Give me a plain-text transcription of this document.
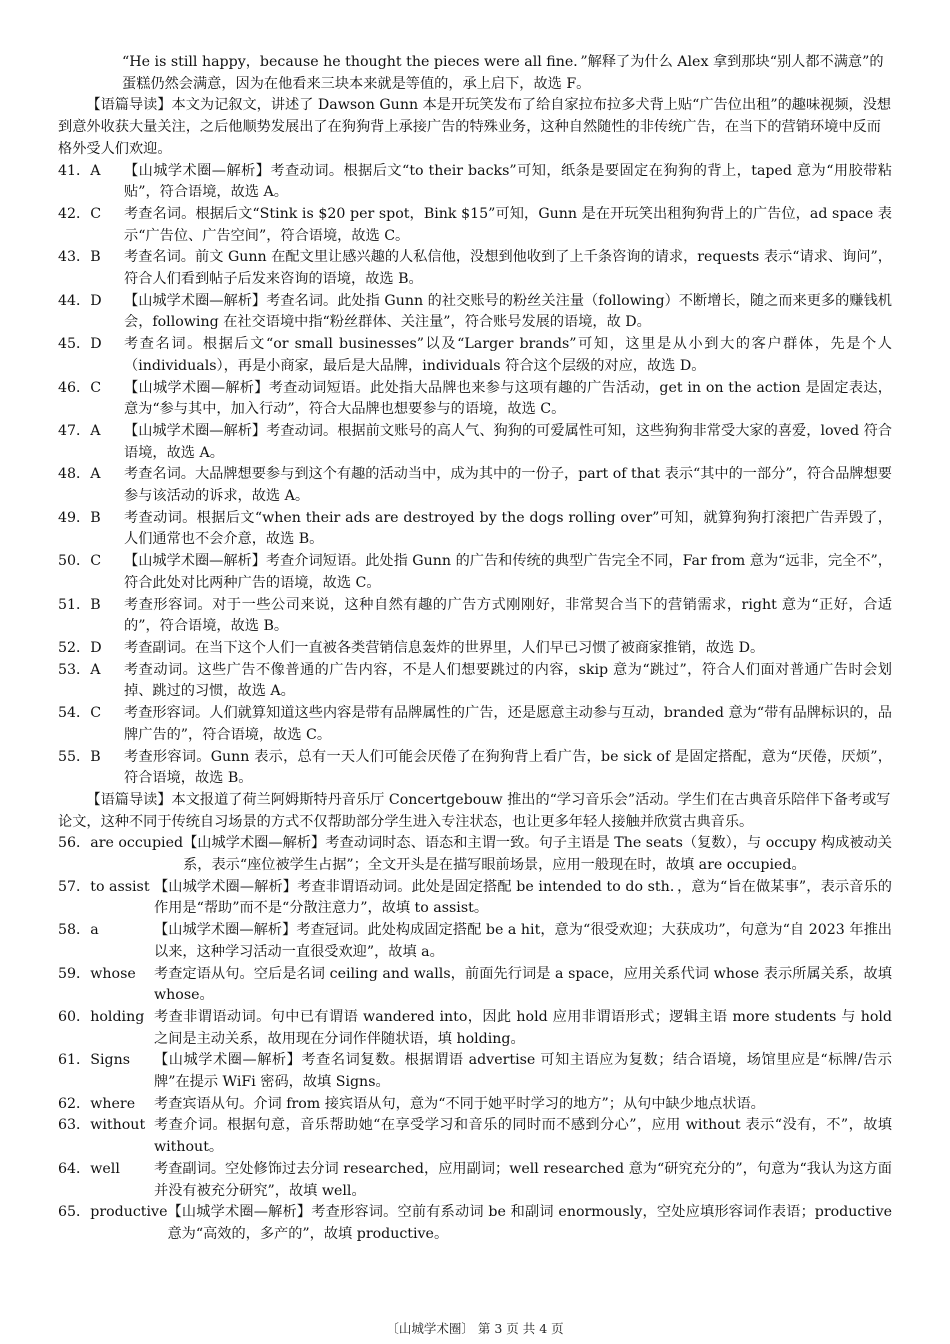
“He is still happy，because he thought the pieces were all fine．”解释了为什么 Alex 拿到那块“别人都不满意”的蛋糕仍然会满意，因为在他看来三块本来就是等值的，承上启下，故选 F。

【语篇导读】本文为记叙文，讲述了 Dawson Gunn 本是开玩笑发布了给自家拉布拉多犬背上贴“广告位出租”的趣味视频，没想到意外收获大量关注，之后他顺势发展出了在狗狗背上承接广告的特殊业务，这种自然随性的非传统广告，在当下的营销环境中反而格外受人们欢迎。

41．A	【山城学术圈—解析】考查动词。根据后文“to their backs”可知，纸条是要固定在狗狗的背上，taped 意为“用胶带粘贴”，符合语境，故选 A。
42．C	考查名词。根据后文“Stink is $20 per spot，Bink $15”可知，Gunn 是在开玩笑出租狗狗背上的广告位，ad space 表示“广告位、广告空间”，符合语境，故选 C。
43．B	考查名词。前文 Gunn 在配文里让感兴趣的人私信他，没想到他收到了上千条咨询的请求，requests 表示“请求、询问”，符合人们看到帖子后发来咨询的语境，故选 B。
44．D	【山城学术圈—解析】考查名词。此处指 Gunn 的社交账号的粉丝关注量（following）不断增长，随之而来更多的赚钱机会，following 在社交语境中指“粉丝群体、关注量”，符合账号发展的语境，故 D。
45．D	考查名词。根据后文“or small businesses”以及“Larger brands”可知，这里是从小到大的客户群体，先是个人（individuals），再是小商家，最后是大品牌，individuals 符合这个层级的对应，故选 D。
46．C	【山城学术圈—解析】考查动词短语。此处指大品牌也来参与这项有趣的广告活动，get in on the action 是固定表达，意为“参与其中，加入行动”，符合大品牌也想要参与的语境，故选 C。
47．A	【山城学术圈—解析】考查动词。根据前文账号的高人气、狗狗的可爱属性可知，这些狗狗非常受大家的喜爱，loved 符合语境，故选 A。
48．A	考查名词。大品牌想要参与到这个有趣的活动当中，成为其中的一份子，part of that 表示“其中的一部分”，符合品牌想要参与该活动的诉求，故选 A。
49．B	考查动词。根据后文“when their ads are destroyed by the dogs rolling over”可知，就算狗狗打滚把广告弄毁了，人们通常也不会介意，故选 B。
50．C	【山城学术圈—解析】考查介词短语。此处指 Gunn 的广告和传统的典型广告完全不同，Far from 意为“远非，完全不”，符合此处对比两种广告的语境，故选 C。
51．B	考查形容词。对于一些公司来说，这种自然有趣的广告方式刚刚好，非常契合当下的营销需求，right 意为“正好，合适的”，符合语境，故选 B。
52．D	考查副词。在当下这个人们一直被各类营销信息轰炸的世界里，人们早已习惯了被商家推销，故选 D。
53．A	考查动词。这些广告不像普通的广告内容，不是人们想要跳过的内容，skip 意为“跳过”，符合人们面对普通广告时会划掉、跳过的习惯，故选 A。
54．C	考查形容词。人们就算知道这些内容是带有品牌属性的广告，还是愿意主动参与互动，branded 意为“带有品牌标识的，品牌广告的”，符合语境，故选 C。
55．B	考查形容词。Gunn 表示，总有一天人们可能会厌倦了在狗狗背上看广告，be sick of 是固定搭配，意为“厌倦，厌烦”，符合语境，故选 B。

【语篇导读】本文报道了荷兰阿姆斯特丹音乐厅 Concertgebouw 推出的“学习音乐会”活动。学生们在古典音乐陪伴下备考或写论文，这种不同于传统自习场景的方式不仅帮助部分学生进入专注状态，也让更多年轻人接触并欣赏古典音乐。

56．are occupied 【山城学术圈—解析】考查动词时态、语态和主谓一致。句子主语是 The seats（复数），与 occupy 构成被动关系，表示“座位被学生占据”；全文开头是在描写眼前场景，应用一般现在时，故填 are occupied。
57．to assist 【山城学术圈—解析】考查非谓语动词。此处是固定搭配 be intended to do sth．，意为“旨在做某事”，表示音乐的作用是“帮助”而不是“分散注意力”，故填 to assist。
58．a	【山城学术圈—解析】考查冠词。此处构成固定搭配 be a hit，意为“很受欢迎；大获成功”，句意为“自 2023 年推出以来，这种学习活动一直很受欢迎”，故填 a。
59．whose	考查定语从句。空后是名词 ceiling and walls，前面先行词是 a space，应用关系代词 whose 表示所属关系，故填 whose。
60．holding 考查非谓语动词。句中已有谓语 wandered into，因此 hold 应用非谓语形式；逻辑主语 more students 与 hold 之间是主动关系，故用现在分词作伴随状语，填 holding。
61．Signs	【山城学术圈—解析】考查名词复数。根据谓语 advertise 可知主语应为复数；结合语境，场馆里应是“标牌/告示牌”在提示 WiFi 密码，故填 Signs。
62．where	考查宾语从句。介词 from 接宾语从句，意为“不同于她平时学习的地方”；从句中缺少地点状语。
63．without 考查介词。根据句意，音乐帮助她“在享受学习和音乐的同时而不感到分心”，应用 without 表示“没有，不”，故填 without。
64．well	考查副词。空处修饰过去分词 researched，应用副词；well researched 意为“研究充分的”，句意为“我认为这方面并没有被充分研究”，故填 well。
65．productive 【山城学术圈—解析】考查形容词。空前有系动词 be 和副词 enormously，空处应填形容词作表语；productive 意为“高效的，多产的”，故填 productive。
〔山城学术圈〕 第 3 页 共 4 页
